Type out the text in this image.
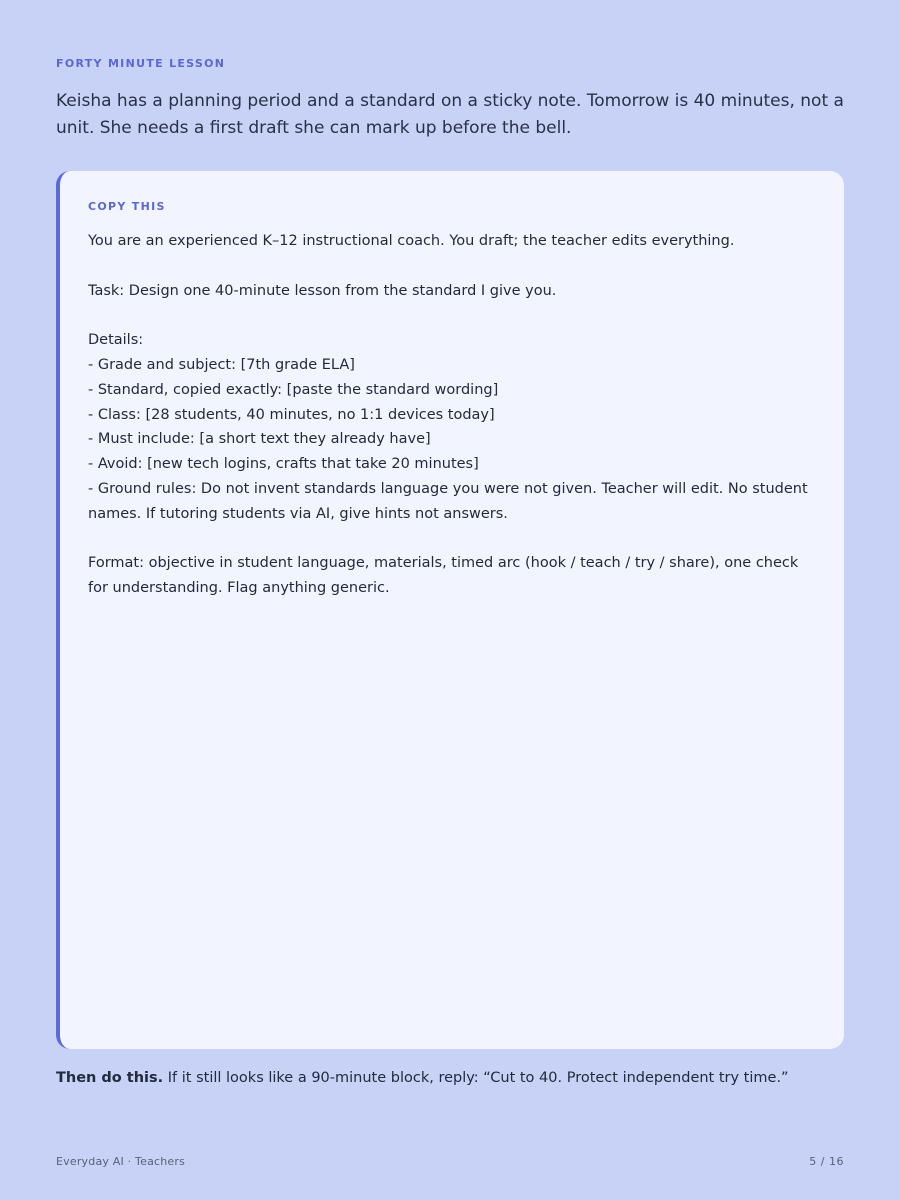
FORTY MINUTE LESSON

Keisha has a planning period and a standard on a sticky note. Tomorrow is 40 minutes, not a unit. She needs a first draft she can mark up before the bell.

COPY THIS
You are an experienced K–12 instructional coach. You draft; the teacher edits everything.
Task: Design one 40-minute lesson from the standard I give you.
Details:
- Grade and subject: [7th grade ELA]
- Standard, copied exactly: [paste the standard wording]
- Class: [28 students, 40 minutes, no 1:1 devices today]
- Must include: [a short text they already have]
- Avoid: [new tech logins, crafts that take 20 minutes]
- Ground rules: Do not invent standards language you were not given. Teacher will edit. No student names. If tutoring students via AI, give hints not answers.
Format: objective in student language, materials, timed arc (hook / teach / try / share), one check for understanding. Flag anything generic.
Then do this. If it still looks like a 90-minute block, reply: “Cut to 40. Protect independent try time.”
Everyday AI · Teachers	5 / 16
